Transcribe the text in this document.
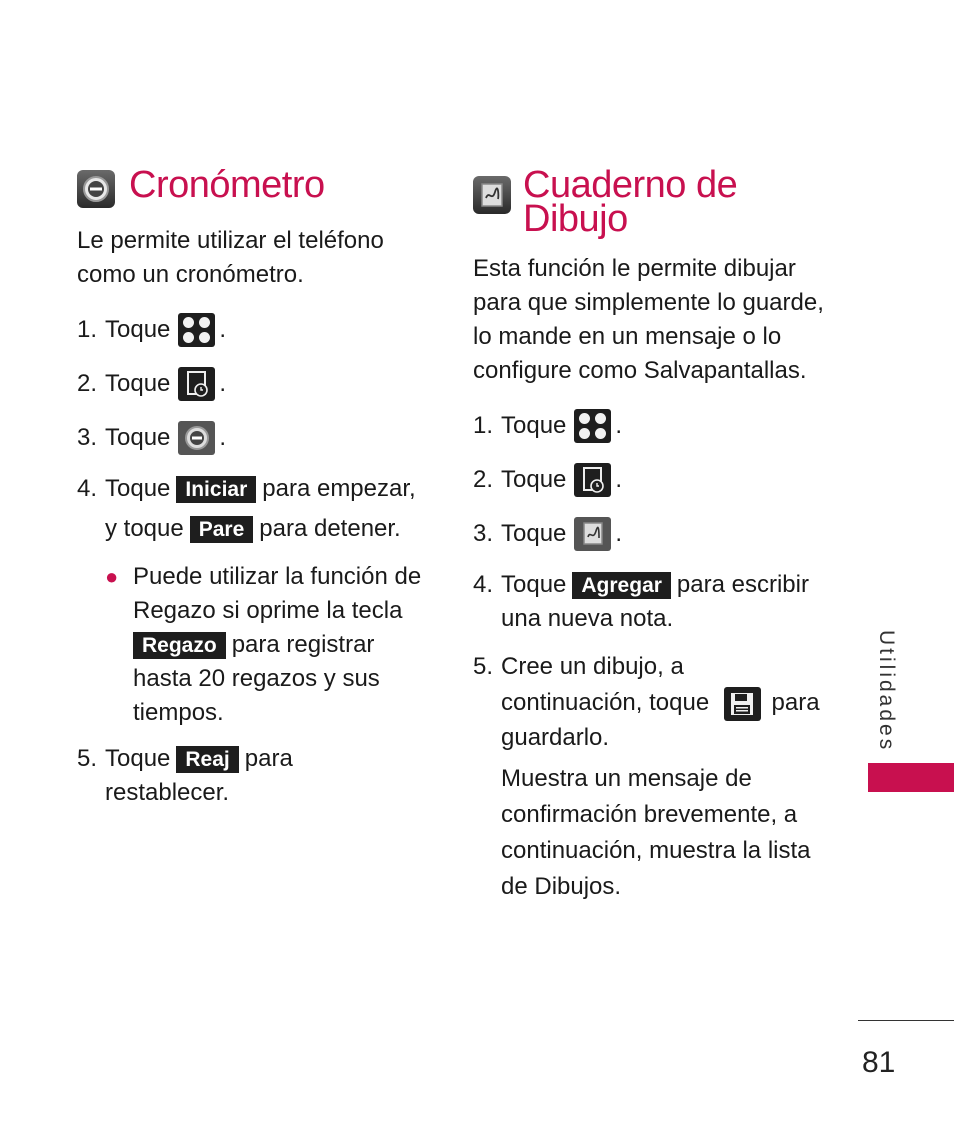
Cronómetro

Le permite utilizar el teléfono como un cronómetro.

1. Toque .
2. Toque .
3. Toque .
4. Toque Iniciar para empezar,
y toque Pare para detener.
● Puede utilizar la función de Regazo si oprime la tecla Regazo para registrar hasta 20 regazos y sus tiempos.
5. Toque Reaj para
restablecer.
Cuaderno de Dibujo

Esta función le permite dibujar para que simplemente lo guarde, lo mande en un mensaje o lo configure como Salvapantallas.

1. Toque .
2. Toque .
3. Toque .
4. Toque Agregar para escribir
una nueva nota.
5. Cree un dibujo, a
continuación, toque	para
guardarlo.

Muestra un mensaje de confirmación brevemente, a continuación, muestra la lista de Dibujos.

Utilidades
81
